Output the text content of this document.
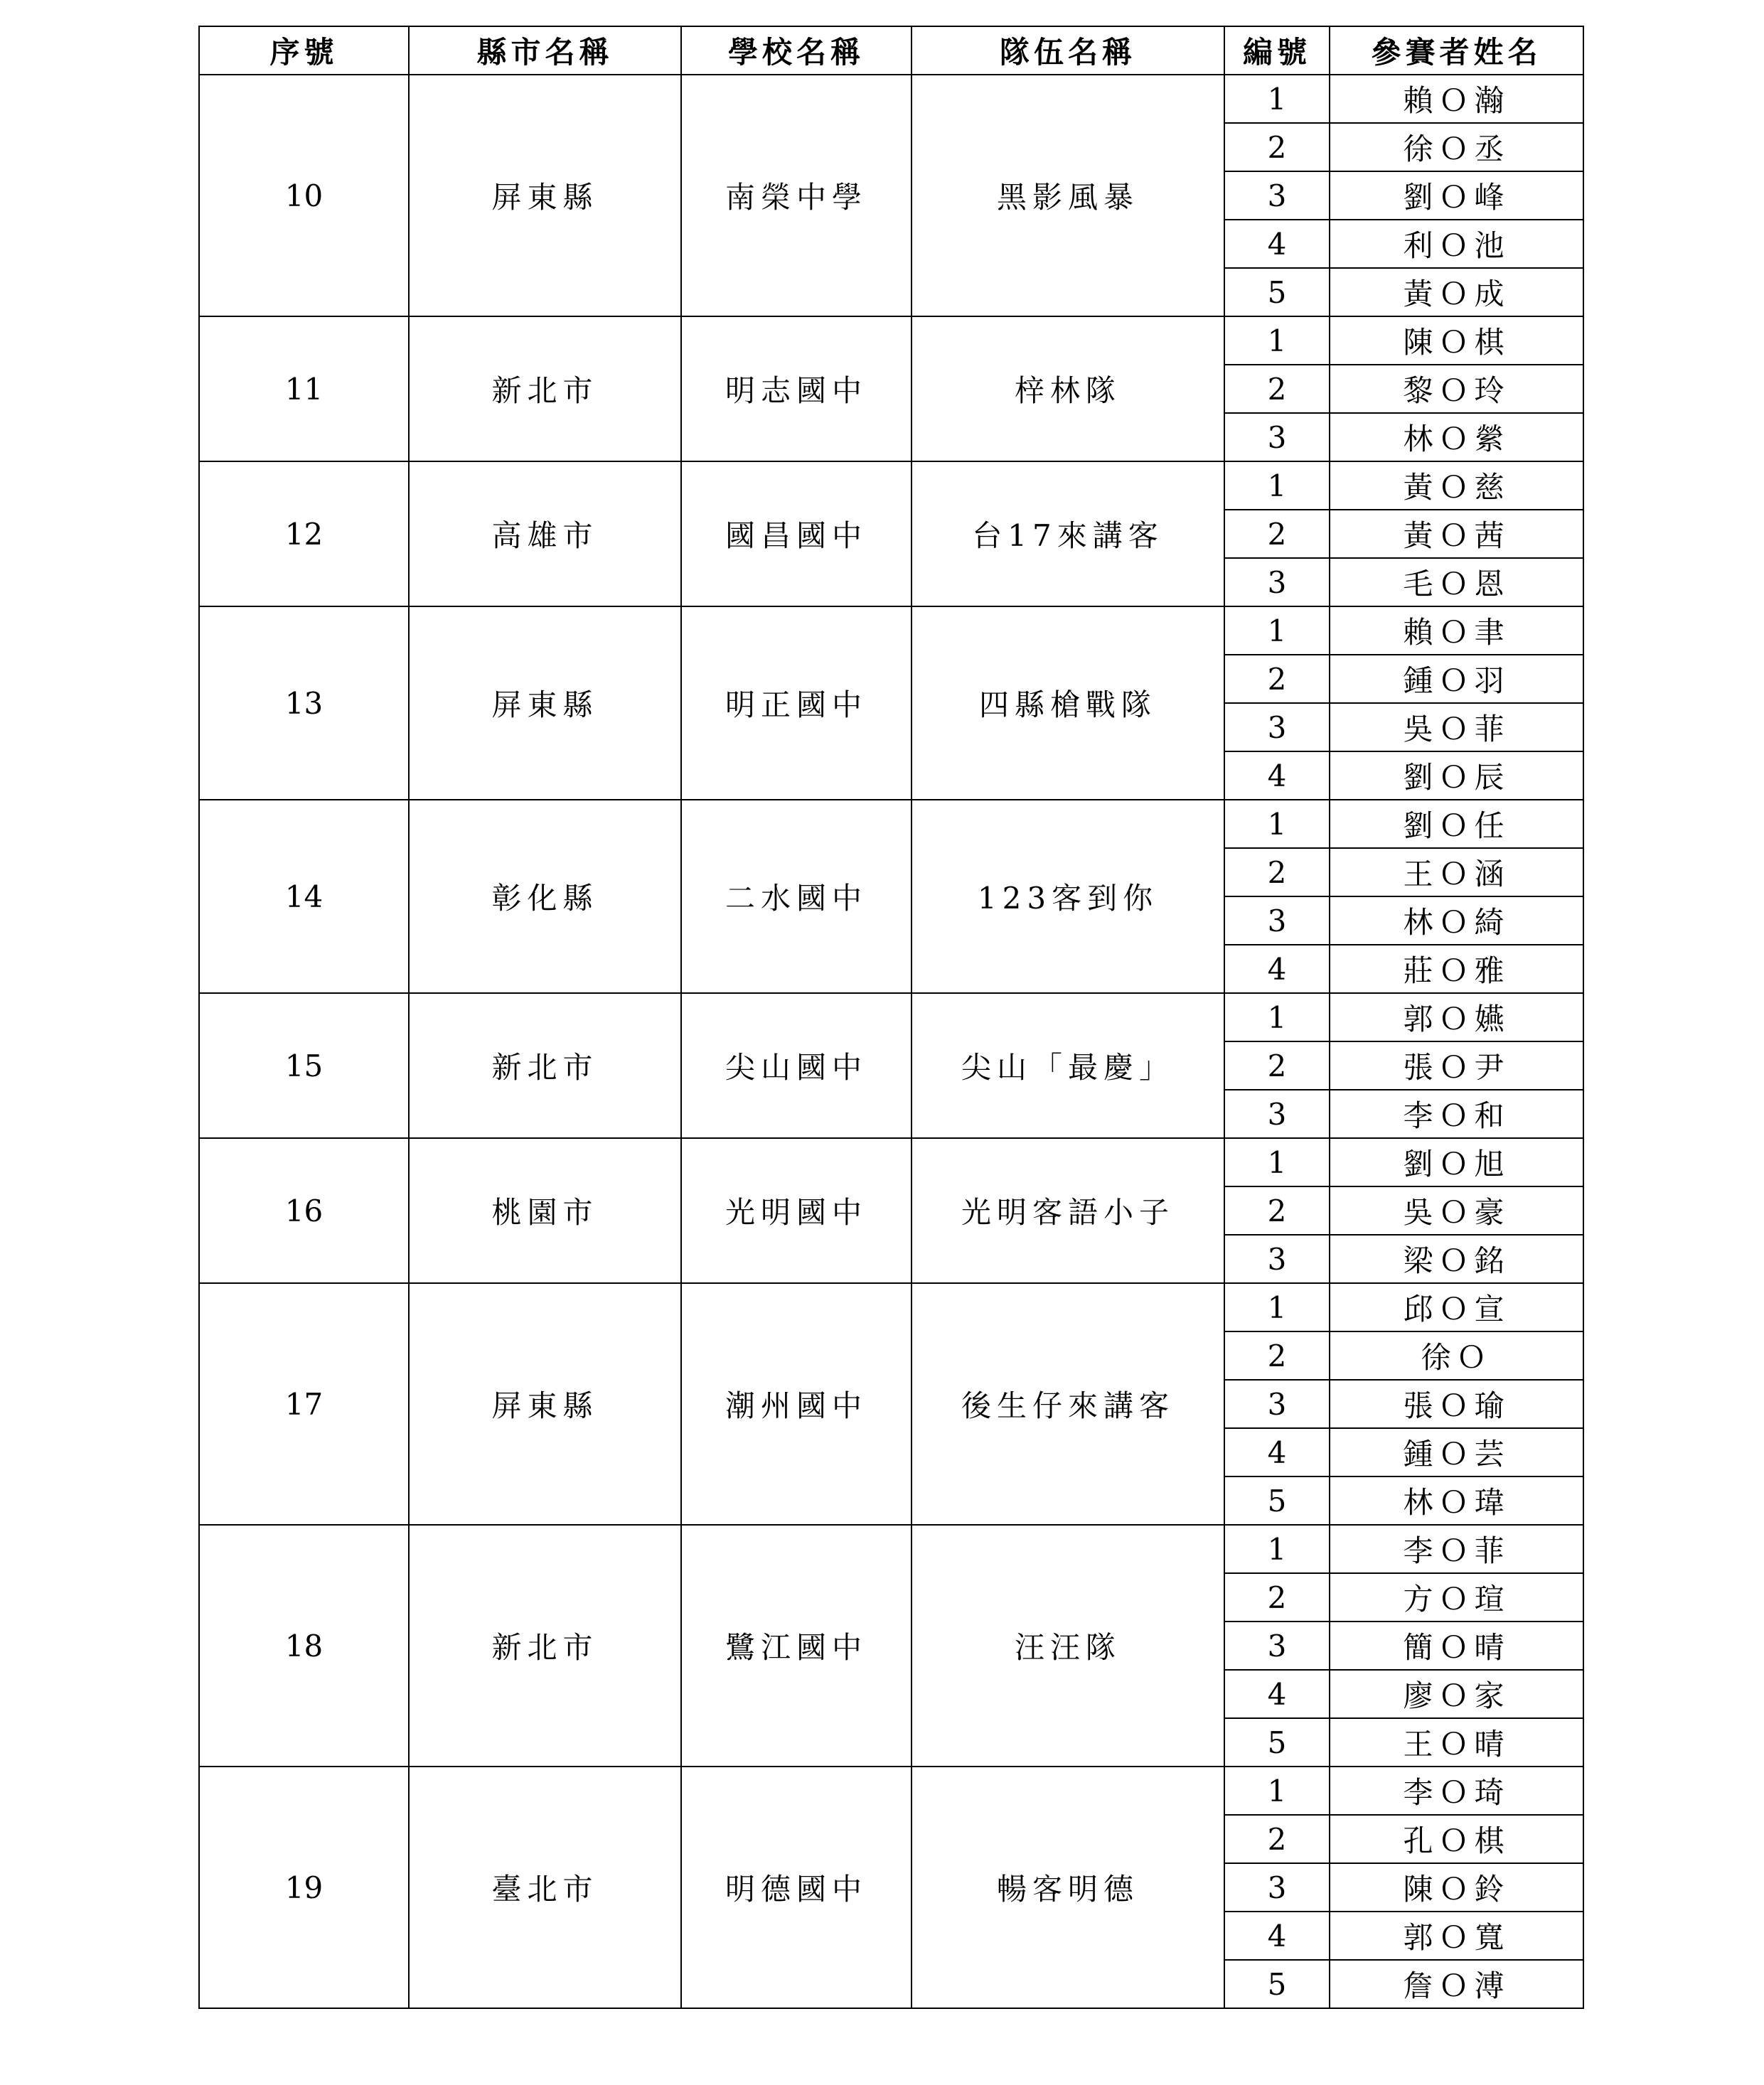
序號	縣市名稱	學校名稱	隊伍名稱	編號	參賽者姓名
10	屏東縣	南榮中學	黑影風暴	1	賴Ｏ瀚
				2	徐Ｏ丞
				3	劉Ｏ峰
				4	利Ｏ池
				5	黃Ｏ成
11	新北市	明志國中	梓林隊	1	陳Ｏ棋
				2	黎Ｏ玲
				3	林Ｏ縈
12	高雄市	國昌國中	台17來講客	1	黃Ｏ慈
				2	黃Ｏ茜
				3	毛Ｏ恩
13	屏東縣	明正國中	四縣槍戰隊	1	賴Ｏ聿
				2	鍾Ｏ羽
				3	吳Ｏ菲
				4	劉Ｏ辰
14	彰化縣	二水國中	123客到你	1	劉Ｏ任
				2	王Ｏ涵
				3	林Ｏ綺
				4	莊Ｏ雅
15	新北市	尖山國中	尖山「最慶」	1	郭Ｏ嬿
				2	張Ｏ尹
				3	李Ｏ和
16	桃園市	光明國中	光明客語小子	1	劉Ｏ旭
				2	吳Ｏ豪
				3	梁Ｏ銘
17	屏東縣	潮州國中	後生仔來講客	1	邱Ｏ宣
				2	徐Ｏ
				3	張Ｏ瑜
				4	鍾Ｏ芸
				5	林Ｏ瑋
18	新北市	鷺江國中	汪汪隊	1	李Ｏ菲
				2	方Ｏ瑄
				3	簡Ｏ晴
				4	廖Ｏ家
				5	王Ｏ晴
19	臺北市	明德國中	暢客明德	1	李Ｏ琦
				2	孔Ｏ棋
				3	陳Ｏ鈴
				4	郭Ｏ寬
				5	詹Ｏ溥
